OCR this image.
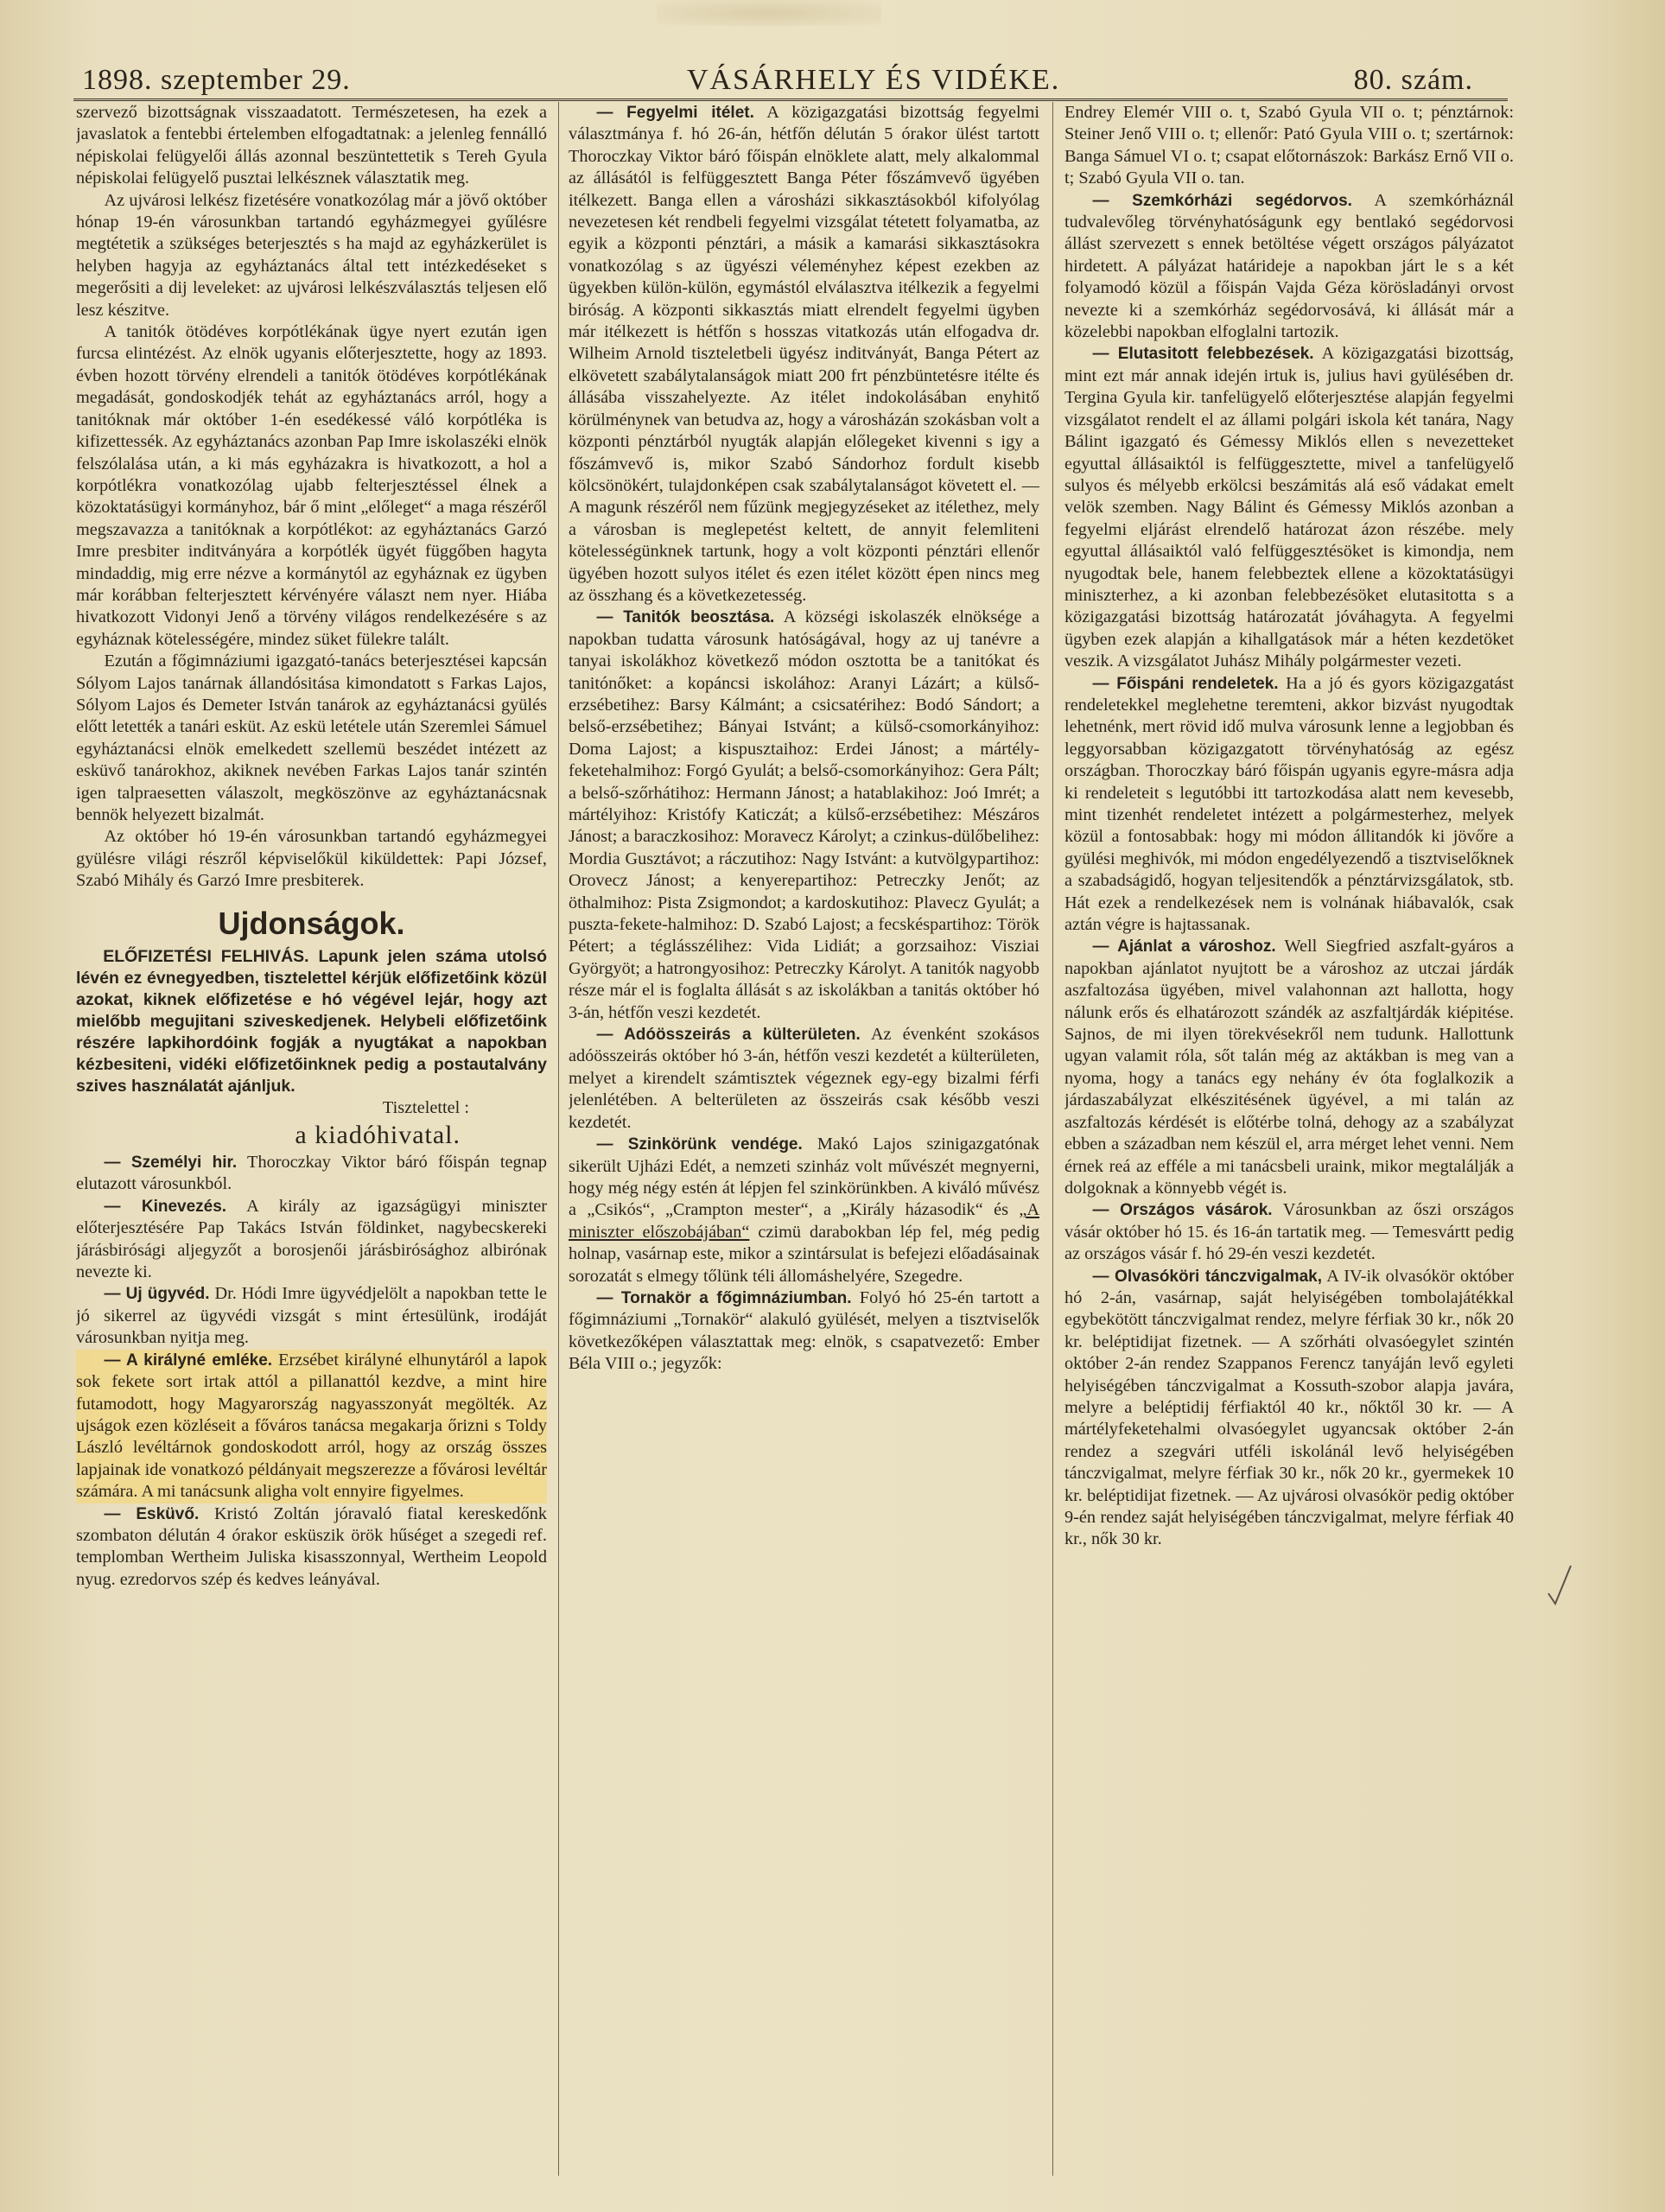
1898. szeptember 29.	VÁSÁRHELY ÉS VIDÉKE.	80. szám.

szervező bizottságnak visszaadatott. Természetesen, ha ezek a javaslatok a fentebbi értelemben elfogadtatnak: a jelenleg fennálló népiskolai felügyelői állás azonnal beszüntettetik s Tereh Gyula népiskolai felügyelő pusztai lelkésznek választatik meg.

Az ujvárosi lelkész fizetésére vonatkozólag már a jövő október hónap 19-én városunkban tartandó egyházmegyei gyűlésre megtétetik a szükséges beterjesztés s ha majd az egyházkerület is helyben hagyja az egyháztanács által tett intézkedéseket s megerősiti a dij leveleket: az ujvárosi lelkészválasztás teljesen elő lesz készitve.

A tanitók ötödéves korpótlékának ügye nyert ezután igen furcsa elintézést. Az elnök ugyanis előterjesztette, hogy az 1893. évben hozott törvény elrendeli a tanitók ötödéves korpótlékának megadását, gondoskodjék tehát az egyháztanács arról, hogy a tanitóknak már október 1-én esedékessé váló korpótléka is kifizettessék. Az egyháztanács azonban Pap Imre iskolaszéki elnök felszólalása után, a ki más egyházakra is hivatkozott, a hol a korpótlékra vonatkozólag ujabb felterjesztéssel élnek a közoktatásügyi kormányhoz, bár ő mint „előleget“ a maga részéről megszavazza a tanitóknak a korpótlékot: az egyháztanács Garzó Imre presbiter inditványára a korpótlék ügyét függőben hagyta mindaddig, mig erre nézve a kormánytól az egyháznak ez ügyben már korábban felterjesztett kérvényére választ nem nyer. Hiába hivatkozott Vidonyi Jenő a törvény világos rendelkezésére s az egyháznak kötelességére, mindez süket fülekre talált.

Ezután a főgimnáziumi igazgató-tanács beterjesztései kapcsán Sólyom Lajos tanárnak állandósitása kimondatott s Farkas Lajos, Sólyom Lajos és Demeter István tanárok az egyháztanácsi gyülés előtt letették a tanári esküt. Az eskü letétele után Szeremlei Sámuel egyháztanácsi elnök emelkedett szellemü beszédet intézett az esküvő tanárokhoz, akiknek nevében Farkas Lajos tanár szintén igen talpraesetten válaszolt, megköszönve az egyháztanácsnak bennök helyezett bizalmát.

Az október hó 19-én városunkban tartandó egyházmegyei gyülésre világi részről képviselőkül kiküldettek: Papi József, Szabó Mihály és Garzó Imre presbiterek.

Ujdonságok.

ELŐFIZETÉSI FELHIVÁS. Lapunk jelen száma utolsó lévén ez évnegyedben, tisztelettel kérjük előfizetőink közül azokat, kiknek előfizetése e hó végével lejár, hogy azt mielőbb megujitani sziveskedjenek. Helybeli előfizetőink részére lapkihordóink fogják a nyugtákat a napokban kézbesiteni, vidéki előfizetőinknek pedig a postautalvány szives használatát ajánljuk.

Tisztelettel :

a kiadóhivatal.

— Személyi hir. Thoroczkay Viktor báró főispán tegnap elutazott városunkból.

— Kinevezés. A király az igazságügyi miniszter előterjesztésére Pap Takács István földinket, nagybecskereki járásbirósági aljegyzőt a borosjenői járásbirósághoz albirónak nevezte ki.

— Uj ügyvéd. Dr. Hódi Imre ügyvédjelölt a napokban tette le jó sikerrel az ügyvédi vizsgát s mint értesülünk, irodáját városunkban nyitja meg.

— A királyné emléke. Erzsébet királyné elhunytáról a lapok sok fekete sort irtak attól a pillanattól kezdve, a mint hire futamodott, hogy Magyarország nagyasszonyát megölték. Az ujságok ezen közléseit a főváros tanácsa megakarja őrizni s Toldy László levéltárnok gondoskodott arról, hogy az ország összes lapjainak ide vonatkozó példányait megszerezze a fővárosi levéltár számára. A mi tanácsunk aligha volt ennyire figyelmes.

— Esküvő. Kristó Zoltán jóravaló fiatal kereskedőnk szombaton délután 4 órakor esküszik örök hűséget a szegedi ref. templomban Wertheim Juliska kisasszonnyal, Wertheim Leopold nyug. ezredorvos szép és kedves leányával.

— Fegyelmi itélet. A közigazgatási bizottság fegyelmi választmánya f. hó 26-án, hétfőn délután 5 órakor ülést tartott Thoroczkay Viktor báró főispán elnöklete alatt, mely alkalommal az állásától is felfüggesztett Banga Péter főszámvevő ügyében itélkezett. Banga ellen a városházi sikkasztásokból kifolyólag nevezetesen két rendbeli fegyelmi vizsgálat tétetett folyamatba, az egyik a központi pénztári, a másik a kamarási sikkasztásokra vonatkozólag s az ügyészi véleményhez képest ezekben az ügyekben külön-külön, egymástól elválasztva itélkezik a fegyelmi biróság. A központi sikkasztás miatt elrendelt fegyelmi ügyben már itélkezett is hétfőn s hosszas vitatkozás után elfogadva dr. Wilheim Arnold tiszteletbeli ügyész inditványát, Banga Pétert az elkövetett szabálytalanságok miatt 200 frt pénzbüntetésre itélte és állásába visszahelyezte. Az itélet indokolásában enyhitő körülménynek van betudva az, hogy a városházán szokásban volt a központi pénztárból nyugták alapján előlegeket kivenni s igy a főszámvevő is, mikor Szabó Sándorhoz fordult kisebb kölcsönökért, tulajdonképen csak szabálytalanságot követett el. — A magunk részéről nem fűzünk megjegyzéseket az itélethez, mely a városban is meglepetést keltett, de annyit felemliteni kötelességünknek tartunk, hogy a volt központi pénztári ellenőr ügyében hozott sulyos itélet és ezen itélet között épen nincs meg az összhang és a következetesség.

— Tanitók beosztása. A községi iskolaszék elnöksége a napokban tudatta városunk hatóságával, hogy az uj tanévre a tanyai iskolákhoz következő módon osztotta be a tanitókat és tanitónőket: a kopáncsi iskolához: Aranyi Lázárt; a külső-erzsébetihez: Barsy Kálmánt; a csicsatérihez: Bodó Sándort; a belső-erzsébetihez; Bányai Istvánt; a külső-csomorkányihoz: Doma Lajost; a kispusztaihoz: Erdei Jánost; a mártély-feketehalmihoz: Forgó Gyulát; a belső-csomorkányihoz: Gera Pált; a belső-szőrhátihoz: Hermann Jánost; a hatablakihoz: Joó Imrét; a mártélyihoz: Kristófy Katiczát; a külső-erzsébetihez: Mészáros Jánost; a baraczkosihoz: Moravecz Károlyt; a czinkus-dülőbelihez: Mordia Gusztávot; a ráczutihoz: Nagy Istvánt: a kutvölgypartihoz: Orovecz Jánost; a kenyerepartihoz: Petreczky Jenőt; az öthalmihoz: Pista Zsigmondot; a kardoskutihoz: Plavecz Gyulát; a puszta-fekete-halmihoz: D. Szabó Lajost; a fecskéspartihoz: Török Pétert; a téglásszélihez: Vida Lidiát; a gorzsaihoz: Visziai Györgyöt; a hatrongyosihoz: Petreczky Károlyt. A tanitók nagyobb része már el is foglalta állását s az iskolákban a tanitás október hó 3-án, hétfőn veszi kezdetét.

— Adóösszeirás a külterületen. Az évenként szokásos adóösszeirás október hó 3-án, hétfőn veszi kezdetét a külterületen, melyet a kirendelt számtisztek végeznek egy-egy bizalmi férfi jelenlétében. A belterületen az összeirás csak később veszi kezdetét.

— Szinkörünk vendége. Makó Lajos szinigazgatónak sikerült Ujházi Edét, a nemzeti szinház volt művészét megnyerni, hogy még négy estén át lépjen fel szinkörünkben. A kiváló művész a „Csikós“, „Crampton mester“, a „Király házasodik“ és „A miniszter előszobájában“ czimü darabokban lép fel, még pedig holnap, vasárnap este, mikor a szintársulat is befejezi előadásainak sorozatát s elmegy tőlünk téli állomáshelyére, Szegedre.

— Tornakör a főgimnáziumban. Folyó hó 25-én tartott a főgimnáziumi „Tornakör“ alakuló gyülését, melyen a tisztviselők következőképen választattak meg: elnök, s csapatvezető: Ember Béla VIII o.; jegyzők:

Endrey Elemér VIII o. t, Szabó Gyula VII o. t; pénztárnok: Steiner Jenő VIII o. t; ellenőr: Pató Gyula VIII o. t; szertárnok: Banga Sámuel VI o. t; csapat előtornászok: Barkász Ernő VII o. t; Szabó Gyula VII o. tan.

— Szemkórházi segédorvos. A szemkórháznál tudvalevőleg törvényhatóságunk egy bentlakó segédorvosi állást szervezett s ennek betöltése végett országos pályázatot hirdetett. A pályázat határideje a napokban járt le s a két folyamodó közül a főispán Vajda Géza körösladányi orvost nevezte ki a szemkórház segédorvosává, ki állását már a közelebbi napokban elfoglalni tartozik.

— Elutasitott felebbezések. A közigazgatási bizottság, mint ezt már annak idején irtuk is, julius havi gyülésében dr. Tergina Gyula kir. tanfelügyelő előterjesztése alapján fegyelmi vizsgálatot rendelt el az állami polgári iskola két tanára, Nagy Bálint igazgató és Gémessy Miklós ellen s nevezetteket egyuttal állásaiktól is felfüggesztette, mivel a tanfelügyelő sulyos és mélyebb erkölcsi beszámitás alá eső vádakat emelt velök szemben. Nagy Bálint és Gémessy Miklós azonban a fegyelmi eljárást elrendelő határozat ázon részébe. mely egyuttal állásaiktól való felfüggesztésöket is kimondja, nem nyugodtak bele, hanem felebbeztek ellene a közoktatásügyi miniszterhez, a ki azonban felebbezésöket elutasitotta s a közigazgatási bizottság határozatát jóváhagyta. A fegyelmi ügyben ezek alapján a kihallgatások már a héten kezdetöket veszik. A vizsgálatot Juhász Mihály polgármester vezeti.

— Főispáni rendeletek. Ha a jó és gyors közigazgatást rendeletekkel meglehetne teremteni, akkor bizvást nyugodtak lehetnénk, mert rövid idő mulva városunk lenne a legjobban és leggyorsabban közigazgatott törvényhatóság az egész országban. Thoroczkay báró főispán ugyanis egyre-másra adja ki rendeleteit s legutóbbi itt tartozkodása alatt nem kevesebb, mint tizenhét rendeletet intézett a polgármesterhez, melyek közül a fontosabbak: hogy mi módon állitandók ki jövőre a gyülési meghivók, mi módon engedélyezendő a tisztviselőknek a szabadságidő, hogyan teljesitendők a pénztárvizsgálatok, stb. Hát ezek a rendelkezések nem is volnának hiábavalók, csak aztán végre is hajtassanak.

— Ajánlat a városhoz. Well Siegfried aszfalt-gyáros a napokban ajánlatot nyujtott be a városhoz az utczai járdák aszfaltozása ügyében, mivel valahonnan azt hallotta, hogy nálunk erős és elhatározott szándék az aszfaltjárdák kiépitése. Sajnos, de mi ilyen törekvésekről nem tudunk. Hallottunk ugyan valamit róla, sőt talán még az aktákban is meg van a nyoma, hogy a tanács egy nehány év óta foglalkozik a járdaszabályzat elkészitésének ügyével, a mi talán az aszfaltozás kérdését is előtérbe tolná, dehogy az a szabályzat ebben a században nem készül el, arra mérget lehet venni. Nem érnek reá az efféle a mi tanácsbeli uraink, mikor megtalálják a dolgoknak a könnyebb végét is.

— Országos vásárok. Városunkban az őszi országos vásár október hó 15. és 16-án tartatik meg. — Temesvártt pedig az országos vásár f. hó 29-én veszi kezdetét.

— Olvasóköri tánczvigalmak, A IV-ik olvasókör október hó 2-án, vasárnap, saját helyiségében tombolajátékkal egybekötött tánczvigalmat rendez, melyre férfiak 30 kr., nők 20 kr. beléptidijat fizetnek. — A szőrháti olvasóegylet szintén október 2-án rendez Szappanos Ferencz tanyáján levő egyleti helyiségében tánczvigalmat a Kossuth-szobor alapja javára, melyre a beléptidij férfiaktól 40 kr., nőktől 30 kr. — A mártélyfeketehalmi olvasóegylet ugyancsak október 2-án rendez a szegvári utféli iskolánál levő helyiségében tánczvigalmat, melyre férfiak 30 kr., nők 20 kr., gyermekek 10 kr. beléptidijat fizetnek. — Az ujvárosi olvasókör pedig október 9-én rendez saját helyiségében tánczvigalmat, melyre férfiak 40 kr., nők 30 kr.
